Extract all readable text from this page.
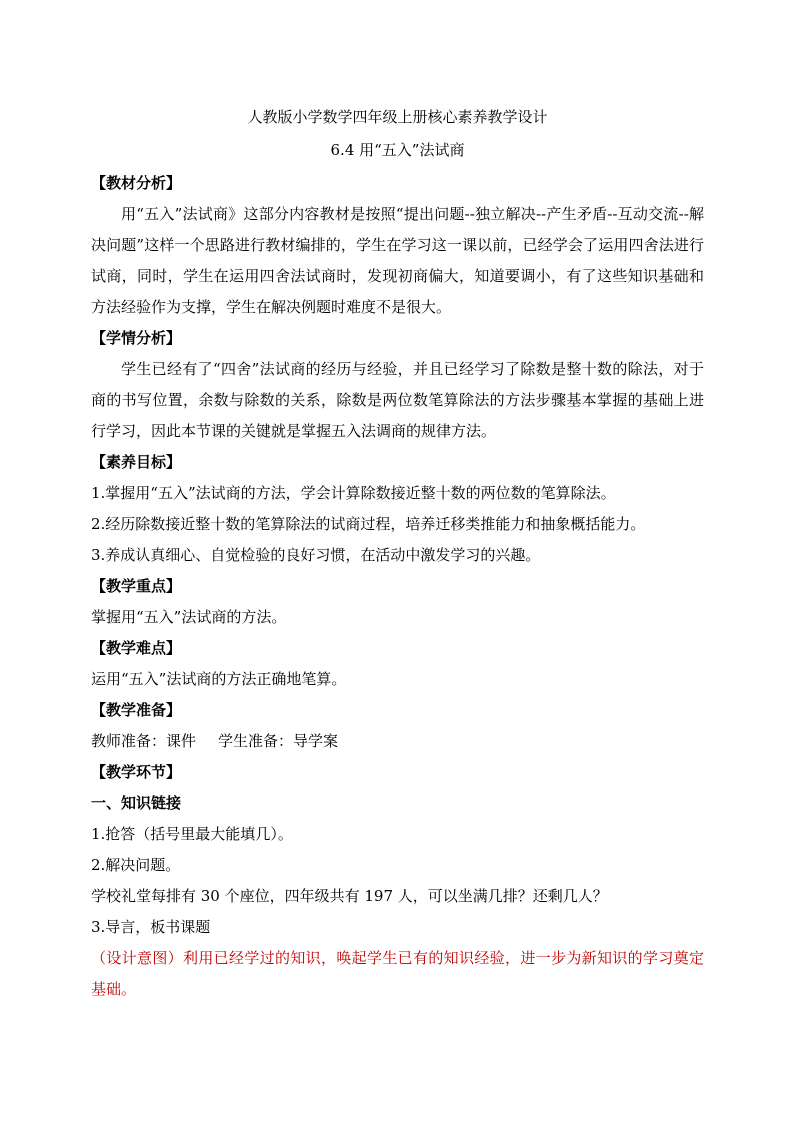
人教版小学数学四年级上册核心素养教学设计
6.4 用“五入”法试商
【教材分析】
用“五入”法试商》这部分内容教材是按照“提出问题--独立解决--产生矛盾--互动交流--解决问题”这样一个思路进行教材编排的，学生在学习这一课以前，已经学会了运用四舍法进行试商，同时，学生在运用四舍法试商时，发现初商偏大，知道要调小，有了这些知识基础和方法经验作为支撑，学生在解决例题时难度不是很大。
【学情分析】
学生已经有了“四舍”法试商的经历与经验，并且已经学习了除数是整十数的除法，对于商的书写位置，余数与除数的关系，除数是两位数笔算除法的方法步骤基本掌握的基础上进行学习，因此本节课的关键就是掌握五入法调商的规律方法。
【素养目标】
1.掌握用“五入”法试商的方法，学会计算除数接近整十数的两位数的笔算除法。
2.经历除数接近整十数的笔算除法的试商过程，培养迁移类推能力和抽象概括能力。
3.养成认真细心、自觉检验的良好习惯，在活动中激发学习的兴趣。
【教学重点】
掌握用“五入”法试商的方法。
【教学难点】
运用“五入”法试商的方法正确地笔算。
【教学准备】
教师准备：课件 学生准备：导学案
【教学环节】
一、知识链接
1.抢答（括号里最大能填几）。
2.解决问题。
学校礼堂每排有 30 个座位，四年级共有 197 人，可以坐满几排？还剩几人？
3.导言，板书课题
（设计意图）利用已经学过的知识，唤起学生已有的知识经验，进一步为新知识的学习奠定基础。
